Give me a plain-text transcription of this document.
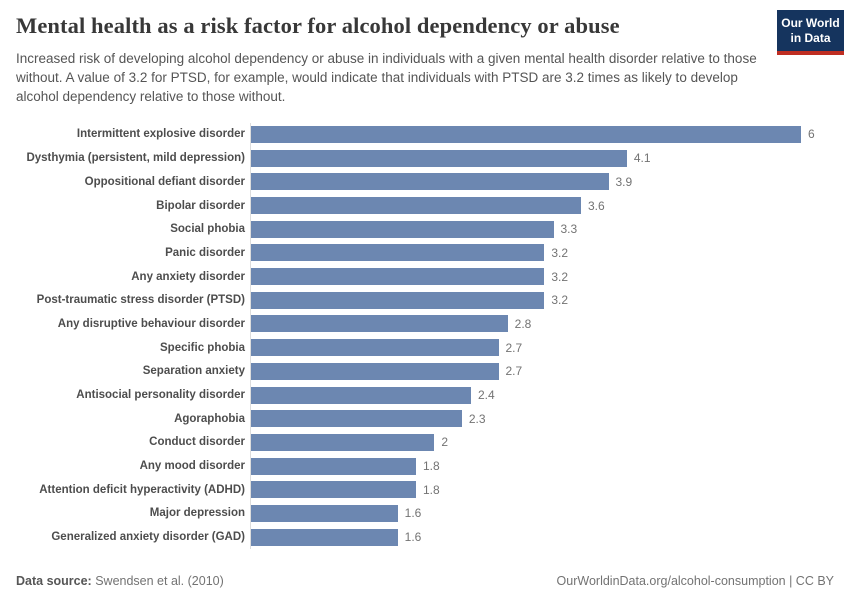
Our World
in Data
Mental health as a risk factor for alcohol dependency or abuse

Increased risk of developing alcohol dependency or abuse in individuals with a given mental health disorder relative to those without. A value of 3.2 for PTSD, for example, would indicate that individuals with PTSD are 3.2 times as likely to develop alcohol dependency relative to those without.

Intermittent explosive disorder	6
Dysthymia (persistent, mild depression)	4.1
Oppositional defiant disorder	3.9
Bipolar disorder	3.6
Social phobia	3.3
Panic disorder	3.2
Any anxiety disorder	3.2
Post-traumatic stress disorder (PTSD)	3.2
Any disruptive behaviour disorder	2.8
Specific phobia	2.7
Separation anxiety	2.7
Antisocial personality disorder	2.4
Agoraphobia	2.3
Conduct disorder	2
Any mood disorder	1.8
Attention deficit hyperactivity (ADHD)	1.8
Major depression	1.6
Generalized anxiety disorder (GAD)	1.6
Data source: Swendsen et al. (2010)	OurWorldinData.org/alcohol-consumption | CC BY
